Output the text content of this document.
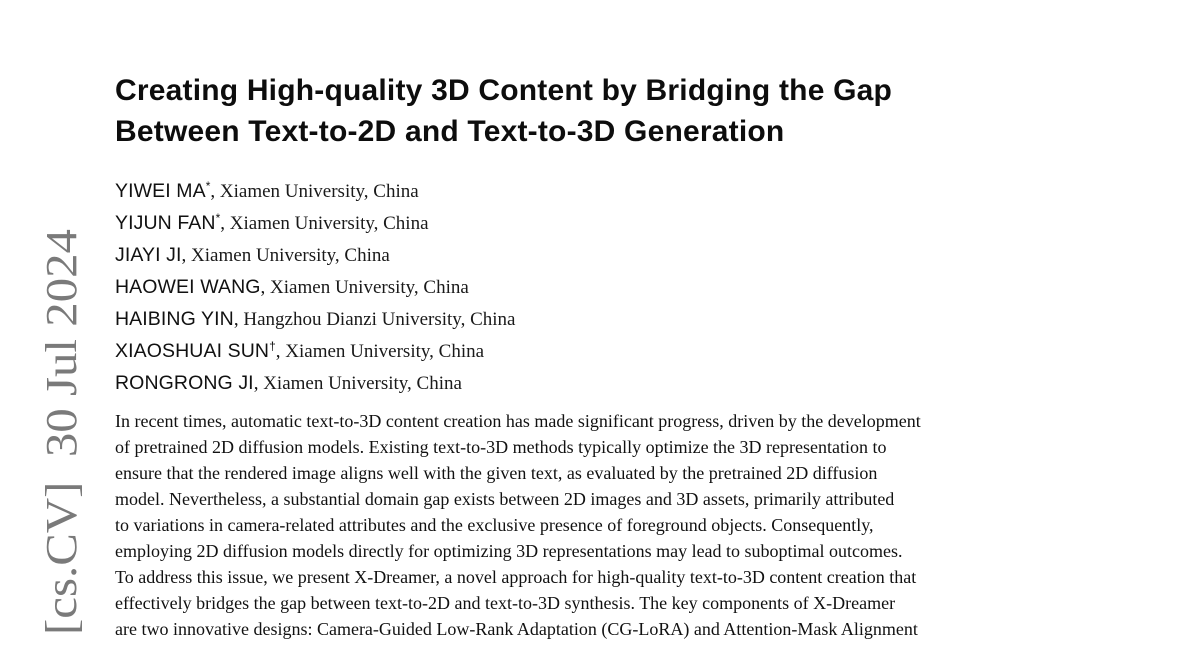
[cs.CV]  30 Jul 2024
Creating High-quality 3D Content by Bridging the Gap
Between Text-to-2D and Text-to-3D Generation
YIWEI MA*, Xiamen University, China
YIJUN FAN*, Xiamen University, China
JIAYI JI, Xiamen University, China
HAOWEI WANG, Xiamen University, China
HAIBING YIN, Hangzhou Dianzi University, China
XIAOSHUAI SUN†, Xiamen University, China
RONGRONG JI, Xiamen University, China
In recent times, automatic text-to-3D content creation has made significant progress, driven by the development
of pretrained 2D diffusion models. Existing text-to-3D methods typically optimize the 3D representation to
ensure that the rendered image aligns well with the given text, as evaluated by the pretrained 2D diffusion
model. Nevertheless, a substantial domain gap exists between 2D images and 3D assets, primarily attributed
to variations in camera-related attributes and the exclusive presence of foreground objects. Consequently,
employing 2D diffusion models directly for optimizing 3D representations may lead to suboptimal outcomes.
To address this issue, we present X-Dreamer, a novel approach for high-quality text-to-3D content creation that
effectively bridges the gap between text-to-2D and text-to-3D synthesis. The key components of X-Dreamer
are two innovative designs: Camera-Guided Low-Rank Adaptation (CG-LoRA) and Attention-Mask Alignment
